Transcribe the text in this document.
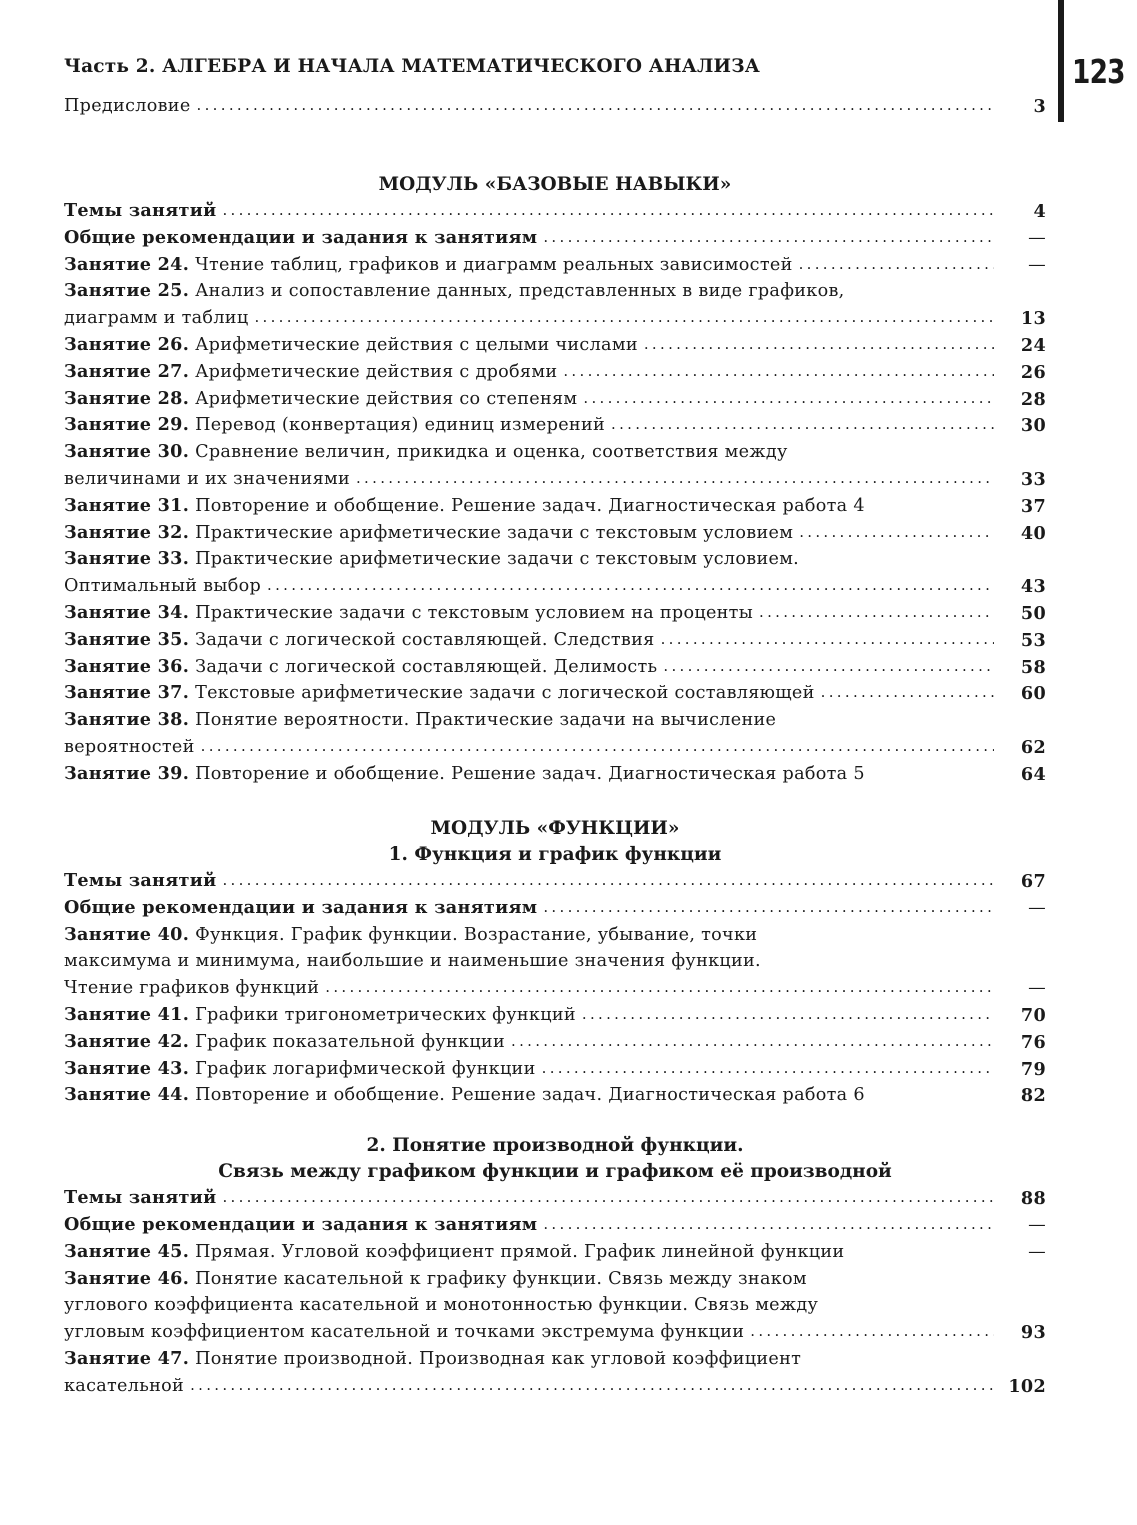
123
Часть 2. АЛГЕБРА И НАЧАЛА МАТЕМАТИЧЕСКОГО АНАЛИЗА
Предисловие .....	3
МОДУЛЬ «БАЗОВЫЕ НАВЫКИ»
Темы занятий .....	4
Общие рекомендации и задания к занятиям .....	—
Занятие 24. Чтение таблиц, графиков и диаграмм реальных зависимостей .....	—
Занятие 25. Анализ и сопоставление данных, представленных в виде графиков,
диаграмм и таблиц .....	13
Занятие 26. Арифметические действия с целыми числами .....	24
Занятие 27. Арифметические действия с дробями .....	26
Занятие 28. Арифметические действия со степеням .....	28
Занятие 29. Перевод (конвертация) единиц измерений .....	30
Занятие 30. Сравнение величин, прикидка и оценка, соответствия между
величинами и их значениями .....	33
Занятие 31. Повторение и обобщение. Решение задач. Диагностическая работа 4	37
Занятие 32. Практические арифметические задачи с текстовым условием .....	40
Занятие 33. Практические арифметические задачи с текстовым условием.
Оптимальный выбор .....	43
Занятие 34. Практические задачи с текстовым условием на проценты .....	50
Занятие 35. Задачи с логической составляющей. Следствия .....	53
Занятие 36. Задачи с логической составляющей. Делимость .....	58
Занятие 37. Текстовые арифметические задачи с логической составляющей .....	60
Занятие 38. Понятие вероятности. Практические задачи на вычисление
вероятностей .....	62
Занятие 39. Повторение и обобщение. Решение задач. Диагностическая работа 5	64
МОДУЛЬ «ФУНКЦИИ»
1. Функция и график функции
Темы занятий .....	67
Общие рекомендации и задания к занятиям .....	—
Занятие 40. Функция. График функции. Возрастание, убывание, точки
максимума и минимума, наибольшие и наименьшие значения функции.
Чтение графиков функций .....	—
Занятие 41. Графики тригонометрических функций .....	70
Занятие 42. График показательной функции .....	76
Занятие 43. График логарифмической функции .....	79
Занятие 44. Повторение и обобщение. Решение задач. Диагностическая работа 6	82
2. Понятие производной функции.
Связь между графиком функции и графиком её производной
Темы занятий .....	88
Общие рекомендации и задания к занятиям .....	—
Занятие 45. Прямая. Угловой коэффициент прямой. График линейной функции	—
Занятие 46. Понятие касательной к графику функции. Связь между знаком
углового коэффициента касательной и монотонностью функции. Связь между
угловым коэффициентом касательной и точками экстремума функции .....	93
Занятие 47. Понятие производной. Производная как угловой коэффициент
касательной .....	102
